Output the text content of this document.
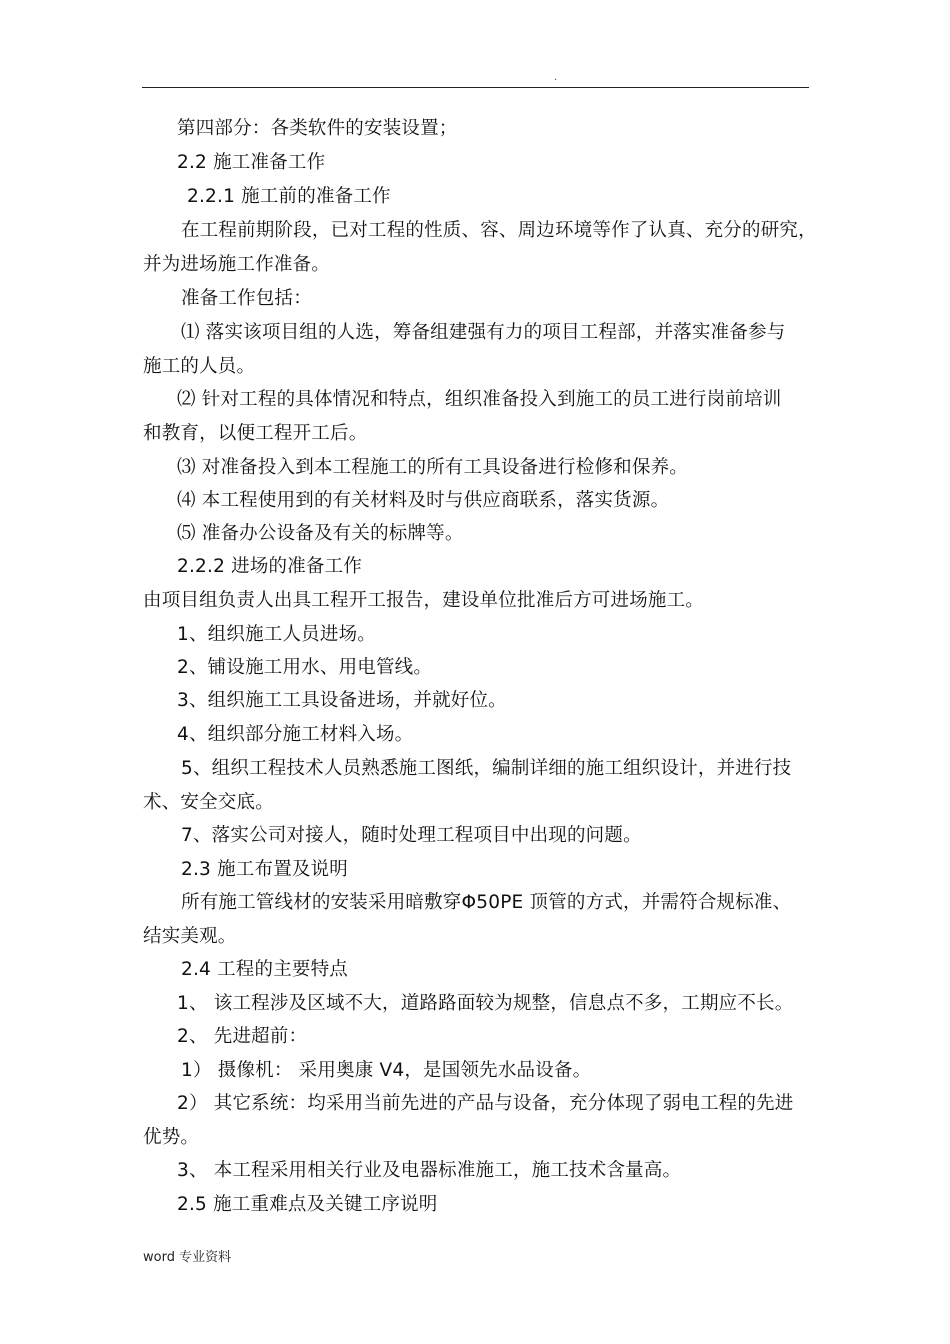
.
第四部分：各类软件的安装设置；
2.2 施工准备工作
2.2.1 施工前的准备工作
在工程前期阶段，已对工程的性质、容、周边环境等作了认真、充分的研究，
并为进场施工作准备。
准备工作包括：
⑴ 落实该项目组的人选，筹备组建强有力的项目工程部，并落实准备参与
施工的人员。
⑵ 针对工程的具体情况和特点，组织准备投入到施工的员工进行岗前培训
和教育，以便工程开工后。
⑶ 对准备投入到本工程施工的所有工具设备进行检修和保养。
⑷ 本工程使用到的有关材料及时与供应商联系，落实货源。
⑸ 准备办公设备及有关的标牌等。
2.2.2 进场的准备工作
由项目组负责人出具工程开工报告，建设单位批准后方可进场施工。
1、组织施工人员进场。
2、铺设施工用水、用电管线。
3、组织施工工具设备进场，并就好位。
4、组织部分施工材料入场。
5、组织工程技术人员熟悉施工图纸，编制详细的施工组织设计，并进行技
术、安全交底。
7、落实公司对接人，随时处理工程项目中出现的问题。
2.3 施工布置及说明
所有施工管线材的安装采用暗敷穿Φ50PE 顶管的方式，并需符合规标准、
结实美观。
2.4 工程的主要特点
1、 该工程涉及区域不大，道路路面较为规整，信息点不多，工期应不长。
2、 先进超前：
1） 摄像机： 采用奥康 V4，是国领先水品设备。
2） 其它系统：均采用当前先进的产品与设备，充分体现了弱电工程的先进
优势。
3、 本工程采用相关行业及电器标准施工，施工技术含量高。
2.5 施工重难点及关键工序说明
word 专业资料
